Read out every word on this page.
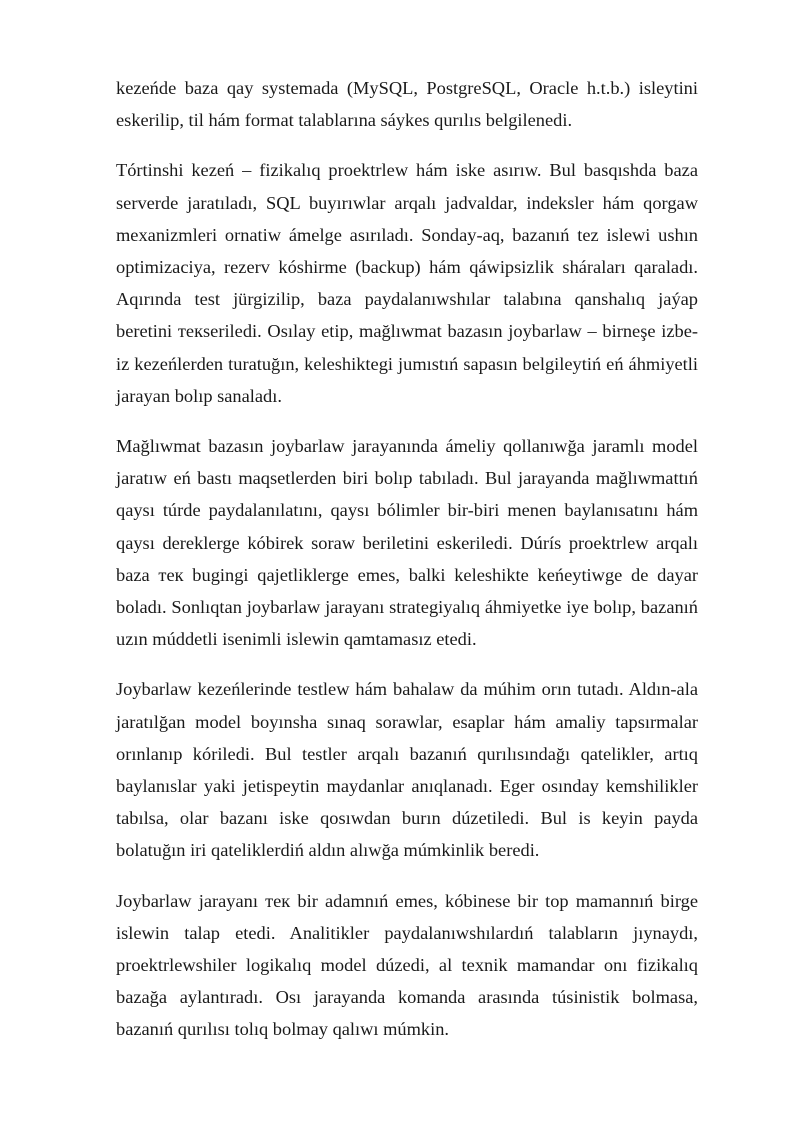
kezeńde baza qay systemada (MySQL, PostgreSQL, Oracle h.t.b.) isleytini eskerilip, til hám format talablarına sáykes qurılıs belgilenedi.

Tórtinshi kezeń – fizikalıq proektrlew hám iske asırıw. Bul basqıshda baza serverde jaratıladı, SQL buyırıwlar arqalı jadvaldar, indeksler hám qorgaw mexanizmleri ornatiw ámelge asırıladı. Sonday-aq, bazanıń tez islewi ushın optimizaciya, rezerv kóshirme (backup) hám qáwipsizlik sháraları qaraladı. Aqırında test jürgizilip, baza paydalanıwshılar talabına qanshalıq jaýap beretini текseriledi. Osılay etip, mağlıwmat bazasın joybarlaw – birneşe izbe-iz kezeńlerden turatuğın, keleshiktegi jumıstıń sapasın belgileytiń eń áhmiyetli jarayan bolıp sanaladı.

Mağlıwmat bazasın joybarlaw jarayanında ámeliy qollanıwğa jaramlı model jaratıw eń bastı maqsetlerden biri bolıp tabıladı. Bul jarayanda mağlıwmattıń qaysı túrde paydalanılatını, qaysı bólimler bir-biri menen baylanısatını hám qaysı dereklerge kóbirek soraw beriletini eskeriledi. Dúrís proektrlew arqalı baza тек bugingi qajetliklerge emes, balki keleshikte keńeytiwge de dayar boladı. Sonlıqtan joybarlaw jarayanı strategiyalıq áhmiyetke iye bolıp, bazanıń uzın múddetli isenimli islewin qamtamasız etedi.

Joybarlaw kezeńlerinde testlew hám bahalaw da múhim orın tutadı. Aldın-ala jaratılğan model boyınsha sınaq sorawlar, esaplar hám amaliy tapsırmalar orınlanıp kóriledi. Bul testler arqalı bazanıń qurılısındağı qatelikler, artıq baylanıslar yaki jetispeytin maydanlar anıqlanadı. Eger osınday kemshilikler tabılsa, olar bazanı iske qosıwdan burın dúzetiledi. Bul is keyin payda bolatuğın iri qateliklerdiń aldın alıwğa múmkinlik beredi.

Joybarlaw jarayanı тек bir adamnıń emes, kóbinese bir top mamannıń birge islewin talap etedi. Analitikler paydalanıwshılardıń talabların jıynaydı, proektrlewshiler logikalıq model dúzedi, al texnik mamandar onı fizikalıq bazağa aylantıradı. Osı jarayanda komanda arasında túsinistik bolmasa, bazanıń qurılısı tolıq bolmay qalıwı múmkin.
